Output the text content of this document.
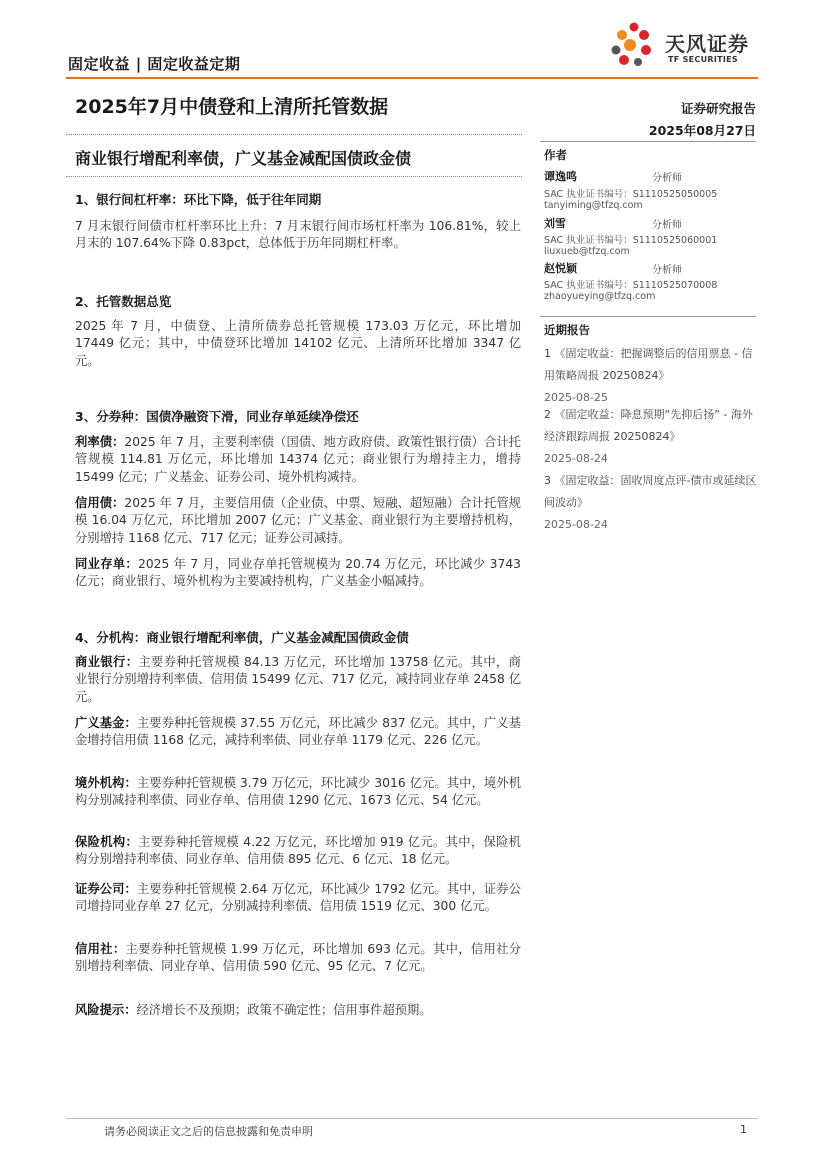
固定收益 | 固定收益定期
天风证券
TF SECURITIES
2025年7月中债登和上清所托管数据	证券研究报告
2025年08月27日
商业银行增配利率债，广义基金减配国债政金债	作者
谭逸鸣	分析师
SAC 执业证书编号：S1110525050005
tanyiming@tfzq.com
刘雪	分析师
SAC 执业证书编号：S1110525060001
liuxueb@tfzq.com
赵悦颖	分析师
SAC 执业证书编号：S1110525070008
zhaoyueying@tfzq.com
近期报告
1 《固定收益：把握调整后的信用票息 - 信用策略周报 20250824》
2025-08-25
2 《固定收益：降息预期“先抑后扬” - 海外经济跟踪周报 20250824》
2025-08-24
3 《固定收益：固收周度点评-债市或延续区间波动》
2025-08-24
1、银行间杠杆率：环比下降，低于往年同期
7 月末银行间债市杠杆率环比上升：7 月末银行间市场杠杆率为 106.81%，较上月末的 107.64%下降 0.83pct，总体低于历年同期杠杆率。
2、托管数据总览
2025 年 7 月，中债登、上清所债券总托管规模 173.03 万亿元，环比增加 17449 亿元；其中，中债登环比增加 14102 亿元、上清所环比增加 3347 亿元。
3、分券种：国债净融资下滑，同业存单延续净偿还
利率债：2025 年 7 月，主要利率债（国债、地方政府债、政策性银行债）合计托管规模 114.81 万亿元，环比增加 14374 亿元；商业银行为增持主力，增持 15499 亿元；广义基金、证券公司、境外机构减持。
信用债：2025 年 7 月，主要信用债（企业债、中票、短融、超短融）合计托管规模 16.04 万亿元，环比增加 2007 亿元；广义基金、商业银行为主要增持机构，分别增持 1168 亿元、717 亿元；证券公司减持。
同业存单：2025 年 7 月，同业存单托管规模为 20.74 万亿元，环比减少 3743 亿元；商业银行、境外机构为主要减持机构，广义基金小幅减持。
4、分机构：商业银行增配利率债，广义基金减配国债政金债
商业银行：主要券种托管规模 84.13 万亿元，环比增加 13758 亿元。其中，商业银行分别增持利率债、信用债 15499 亿元、717 亿元，减持同业存单 2458 亿元。
广义基金：主要券种托管规模 37.55 万亿元，环比减少 837 亿元。其中，广义基金增持信用债 1168 亿元，减持利率债、同业存单 1179 亿元、226 亿元。
境外机构：主要券种托管规模 3.79 万亿元，环比减少 3016 亿元。其中，境外机构分别减持利率债、同业存单、信用债 1290 亿元、1673 亿元、54 亿元。
保险机构：主要券种托管规模 4.22 万亿元，环比增加 919 亿元。其中，保险机构分别增持利率债、同业存单、信用债 895 亿元、6 亿元、18 亿元。
证券公司：主要券种托管规模 2.64 万亿元，环比减少 1792 亿元。其中，证券公司增持同业存单 27 亿元，分别减持利率债、信用债 1519 亿元、300 亿元。
信用社：主要券种托管规模 1.99 万亿元，环比增加 693 亿元。其中，信用社分别增持利率债、同业存单、信用债 590 亿元、95 亿元、7 亿元。
风险提示：经济增长不及预期；政策不确定性；信用事件超预期。
请务必阅读正文之后的信息披露和免责申明	1
